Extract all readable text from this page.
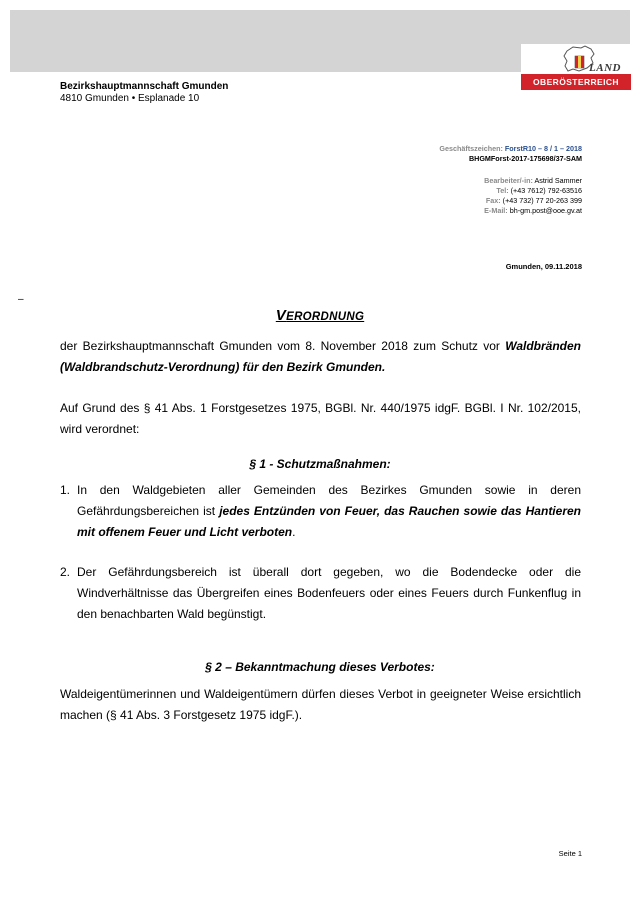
LAND
OBERÖSTERREICH
Bezirkshauptmannschaft Gmunden
4810 Gmunden • Esplanade 10
Geschäftszeichen: ForstR10 – 8 / 1 – 2018
BHGMForst-2017-175698/37-SAM
Bearbeiter/-in: Astrid Sammer
Tel: (+43 7612) 792-63516
Fax: (+43 732) 77 20-263 399
E-Mail: bh-gm.post@ooe.gv.at
Gmunden, 09.11.2018
–
VERORDNUNG
der Bezirkshauptmannschaft Gmunden vom 8. November 2018 zum Schutz vor Waldbränden (Waldbrandschutz-Verordnung) für den Bezirk Gmunden.
Auf Grund des § 41 Abs. 1 Forstgesetzes 1975, BGBl. Nr. 440/1975 idgF. BGBl. I Nr. 102/2015, wird verordnet:
§ 1 - Schutzmaßnahmen:
1. In den Waldgebieten aller Gemeinden des Bezirkes Gmunden sowie in deren Gefährdungsbereichen ist jedes Entzünden von Feuer, das Rauchen sowie das Hantieren mit offenem Feuer und Licht verboten.
2. Der Gefährdungsbereich ist überall dort gegeben, wo die Bodendecke oder die Windverhältnisse das Übergreifen eines Bodenfeuers oder eines Feuers durch Funkenflug in den benachbarten Wald begünstigt.
§ 2 – Bekanntmachung dieses Verbotes:
Waldeigentümerinnen und Waldeigentümern dürfen dieses Verbot in geeigneter Weise ersichtlich machen (§ 41 Abs. 3 Forstgesetz 1975 idgF.).
Seite 1
